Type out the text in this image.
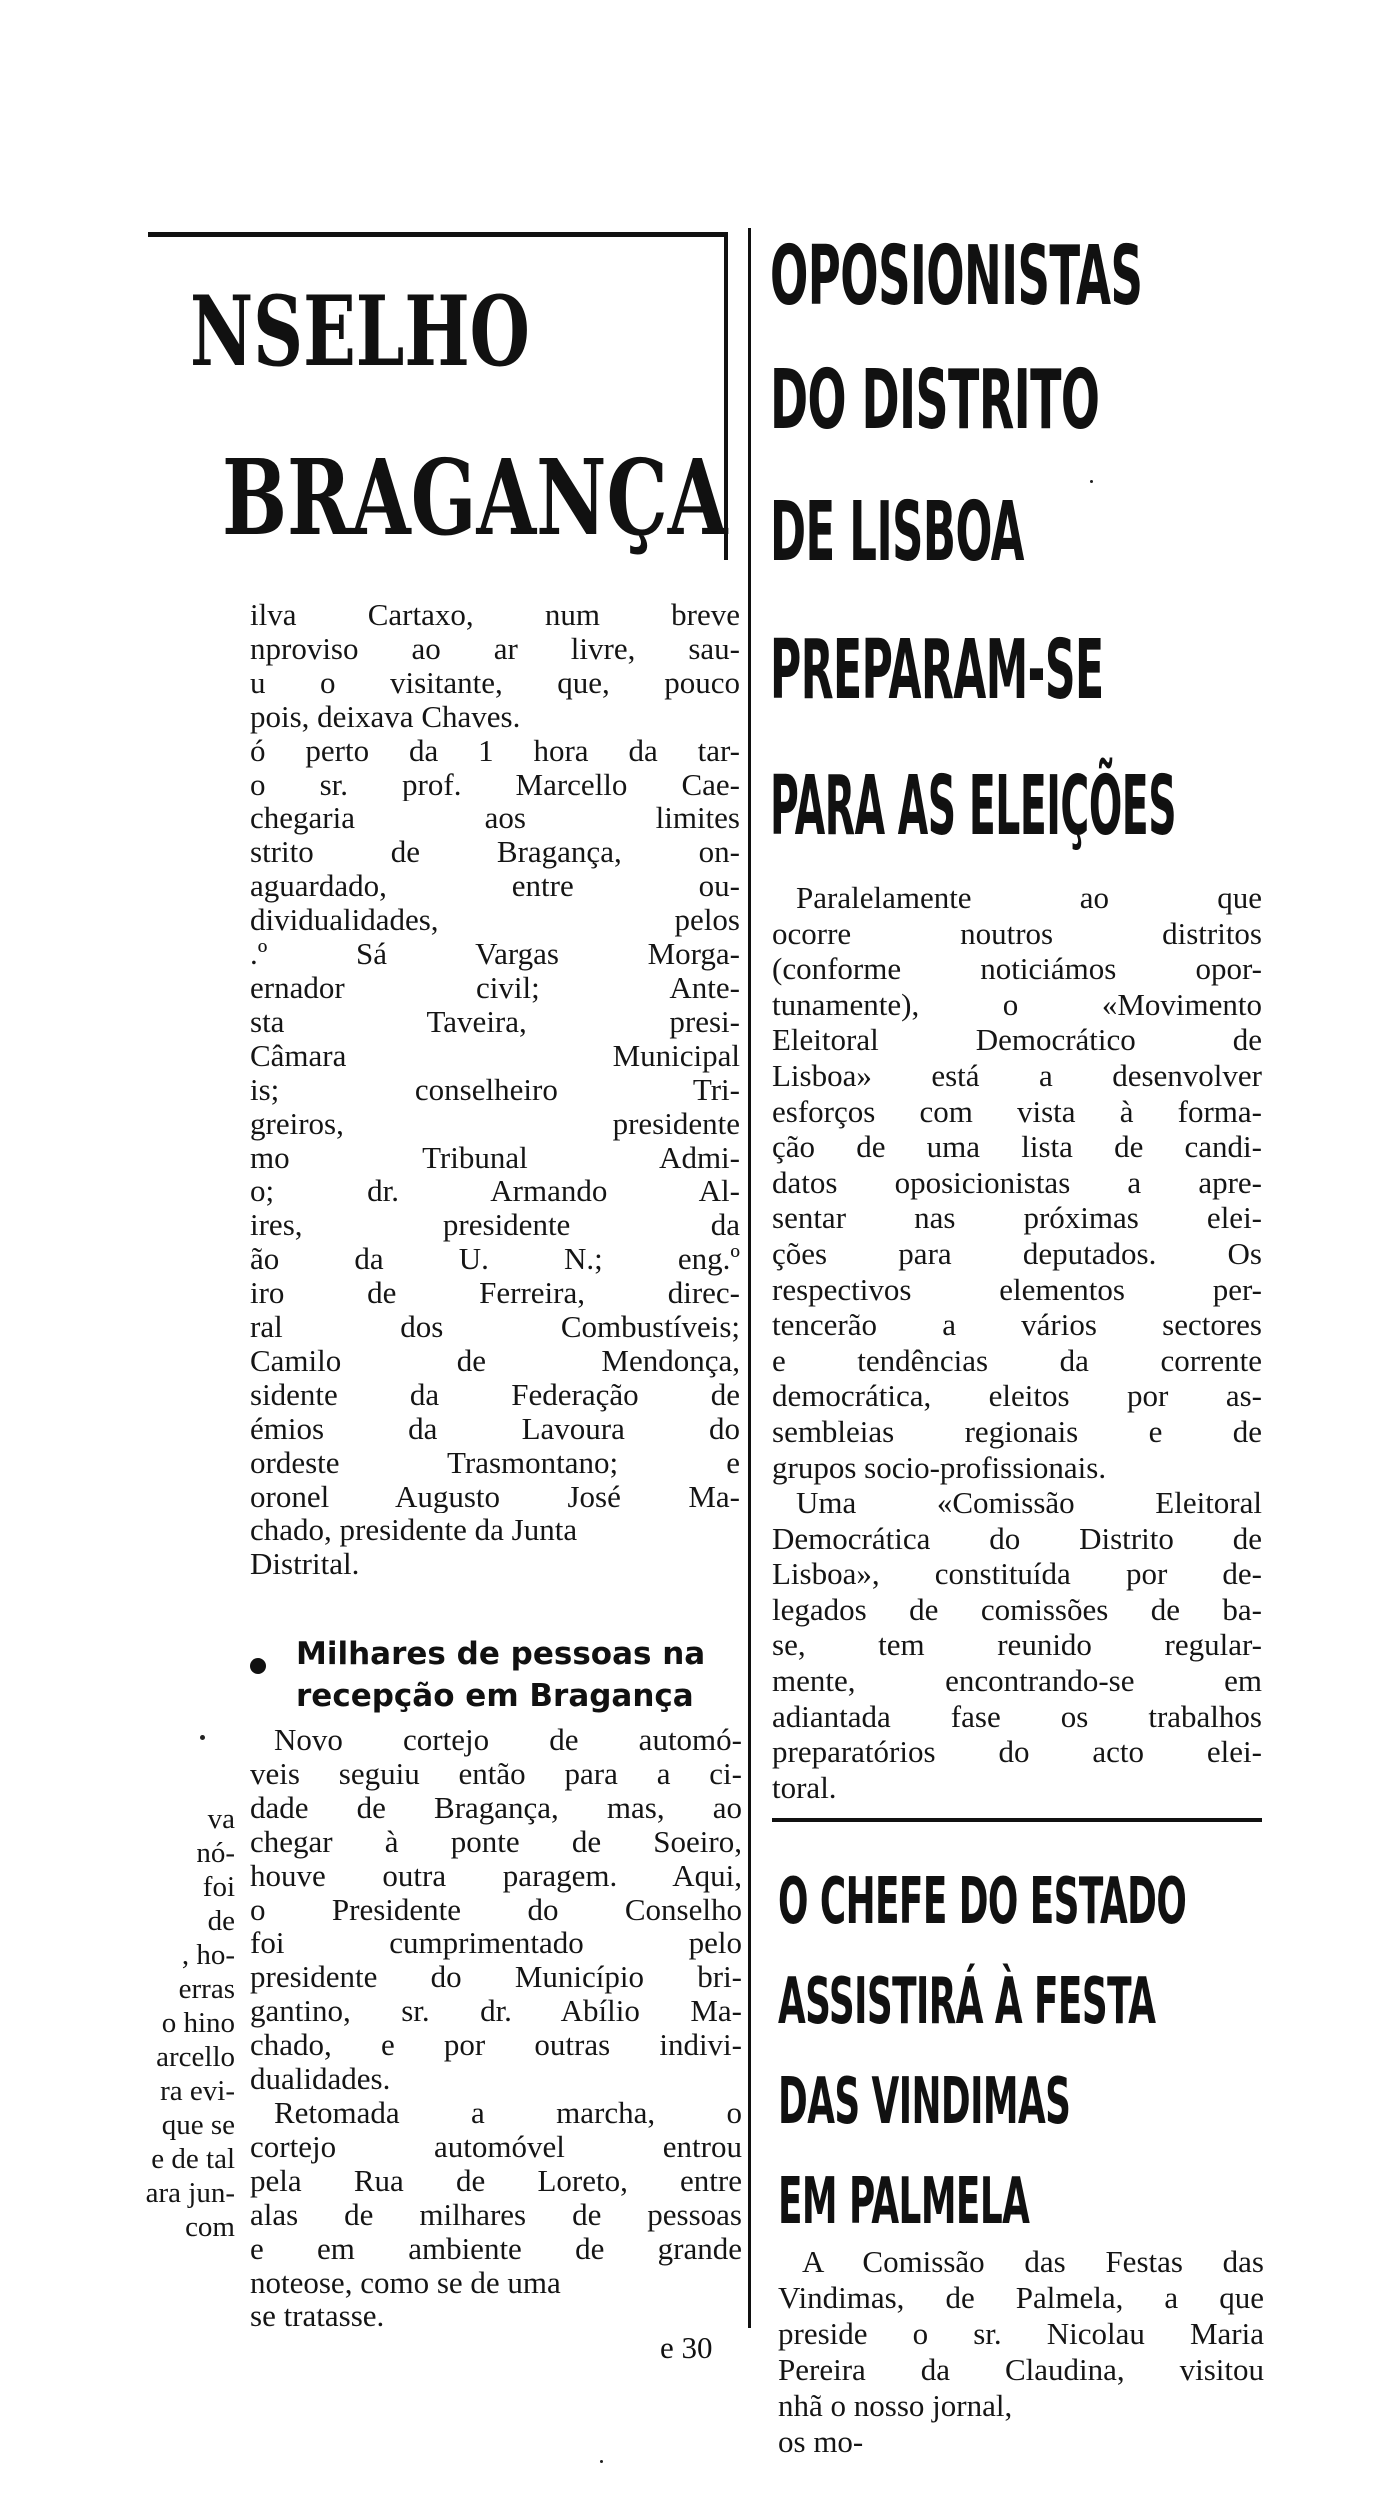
NSELHO
BRAGANÇA
ilva Cartaxo, num breve
nproviso ao ar livre, sau-
u o visitante, que, pouco
pois, deixava Chaves.
ó perto da 1 hora da tar-
o sr. prof. Marcello Cae-
chegaria aos limites
strito de Bragança, on-
aguardado, entre ou-
dividualidades, pelos
.º Sá Vargas Morga-
ernador civil; Ante-
sta Taveira, presi-
Câmara Municipal
is; conselheiro Tri-
greiros, presidente
mo Tribunal Admi-
o; dr. Armando Al-
ires, presidente da
ão da U. N.; eng.º
iro de Ferreira, direc-
ral dos Combustíveis;
Camilo de Mendonça,
sidente da Federação de
émios da Lavoura do
ordeste Trasmontano; e
oronel Augusto José Ma-
chado, presidente da Junta
Distrital.
Milhares de pessoas na
recepção em Bragança
Novo cortejo de automó-
veis seguiu então para a ci-
dade de Bragança, mas, ao
chegar à ponte de Soeiro,
houve outra paragem. Aqui,
o Presidente do Conselho
foi cumprimentado pelo
presidente do Município bri-
gantino, sr. dr. Abílio Ma-
chado, e por outras indivi-
dualidades.
Retomada a marcha, o
cortejo automóvel entrou
pela Rua de Loreto, entre
alas de milhares de pessoas
e em ambiente de grande
noteose, como se de uma
se tratasse.
e 30
va
nó-
foi
de
, ho-
erras
o hino
arcello
ra evi-
que se
e de tal
ara jun-
com
OPOSIONISTAS
DO DISTRITO
DE LISBOA
PREPARAM-SE
PARA AS ELEIÇÕES
Paralelamente ao que
ocorre noutros distritos
(conforme noticiámos opor-
tunamente), o «Movimento
Eleitoral Democrático de
Lisboa» está a desenvolver
esforços com vista à forma-
ção de uma lista de candi-
datos oposicionistas a apre-
sentar nas próximas elei-
ções para deputados. Os
respectivos elementos per-
tencerão a vários sectores
e tendências da corrente
democrática, eleitos por as-
sembleias regionais e de
grupos socio-profissionais.
Uma «Comissão Eleitoral
Democrática do Distrito de
Lisboa», constituída por de-
legados de comissões de ba-
se, tem reunido regular-
mente, encontrando-se em
adiantada fase os trabalhos
preparatórios do acto elei-
toral.
O CHEFE DO ESTADO
ASSISTIRÁ À FESTA
DAS VINDIMAS
EM PALMELA
A Comissão das Festas das
Vindimas, de Palmela, a que
preside o sr. Nicolau Maria
Pereira da Claudina, visitou
nhã o nosso jornal,
os mo-
